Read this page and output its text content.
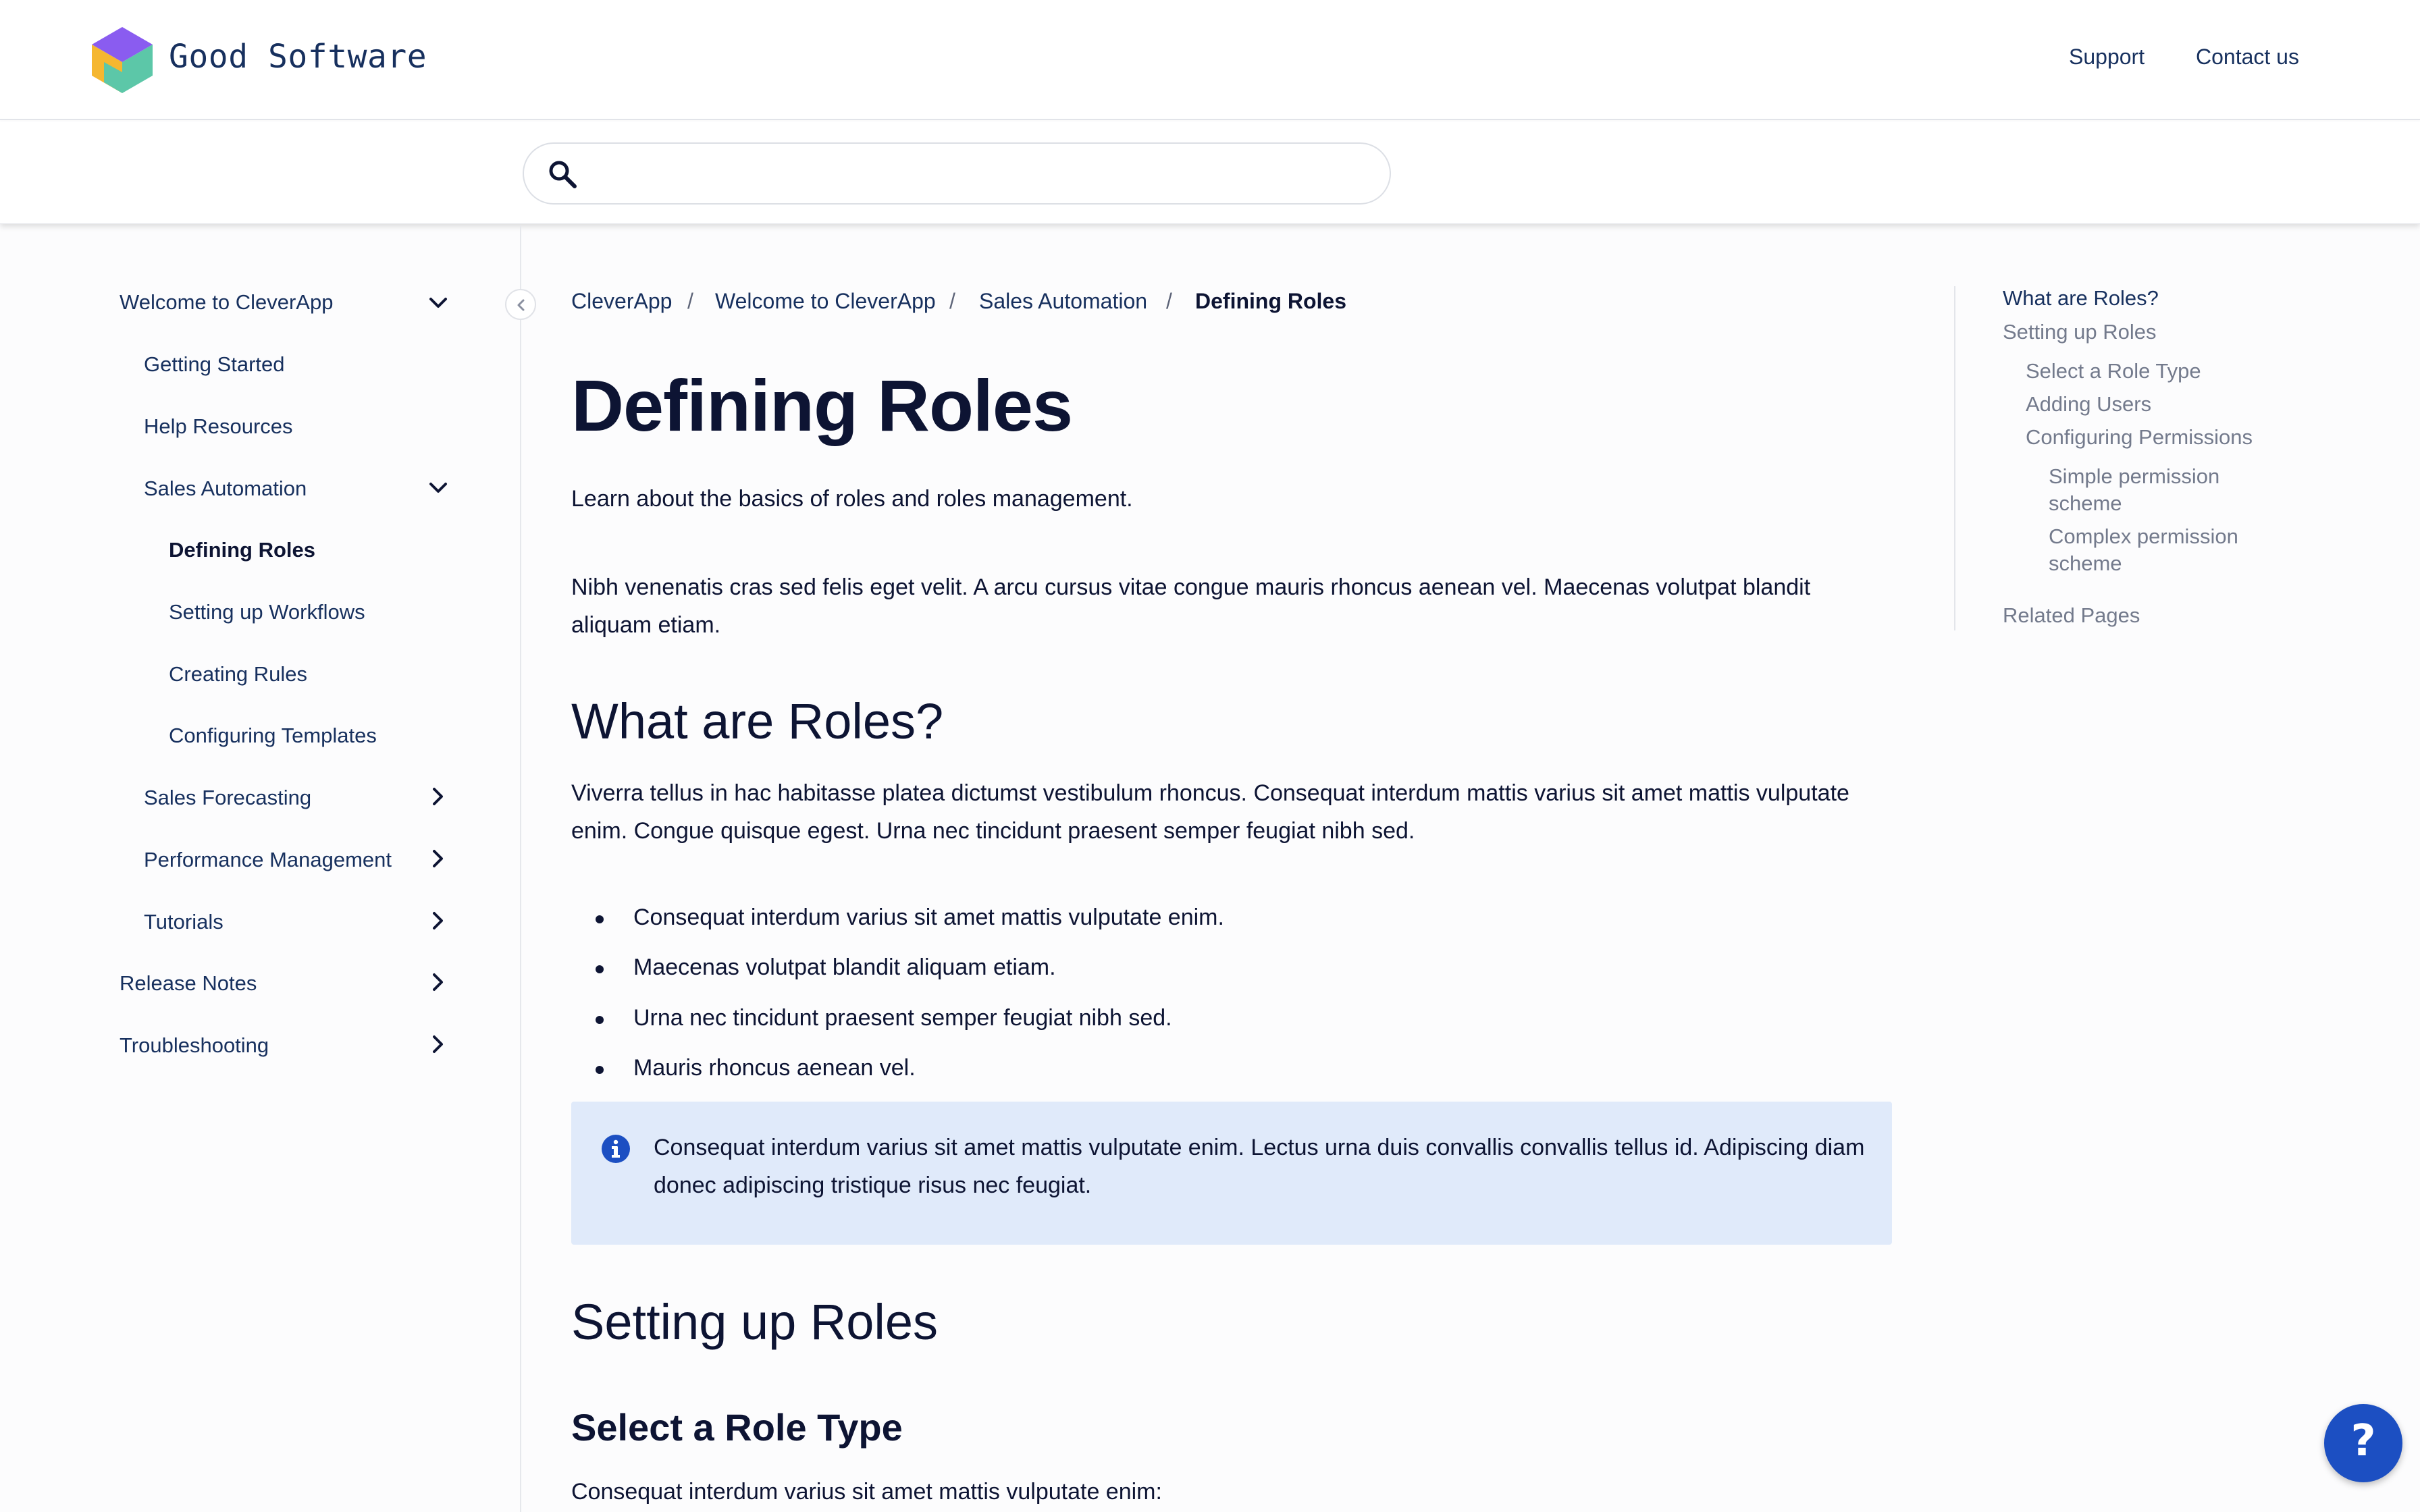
Good Software	Support Contact us
Welcome to CleverApp
Getting Started
Help Resources
Sales Automation
Defining Roles
Setting up Workflows
Creating Rules
Configuring Templates
Sales Forecasting
Performance Management
Tutorials
Release Notes
Troubleshooting
CleverApp / Welcome to CleverApp / Sales Automation / Defining Roles
Defining Roles
Learn about the basics of roles and roles management.
Nibh venenatis cras sed felis eget velit. A arcu cursus vitae congue mauris rhoncus aenean vel. Maecenas volutpat blandit aliquam etiam.
What are Roles?
Viverra tellus in hac habitasse platea dictumst vestibulum rhoncus. Consequat interdum mattis varius sit amet mattis vulputate enim. Congue quisque egest. Urna nec tincidunt praesent semper feugiat nibh sed.
Consequat interdum varius sit amet mattis vulputate enim.
Maecenas volutpat blandit aliquam etiam.
Urna nec tincidunt praesent semper feugiat nibh sed.
Mauris rhoncus aenean vel.
Consequat interdum varius sit amet mattis vulputate enim. Lectus urna duis convallis convallis tellus id. Adipiscing diam donec adipiscing tristique risus nec feugiat.
Setting up Roles
Select a Role Type
Consequat interdum varius sit amet mattis vulputate enim:
What are Roles?
Setting up Roles
Select a Role Type
Adding Users
Configuring Permissions
Simple permission scheme
Complex permission scheme
Related Pages
?
